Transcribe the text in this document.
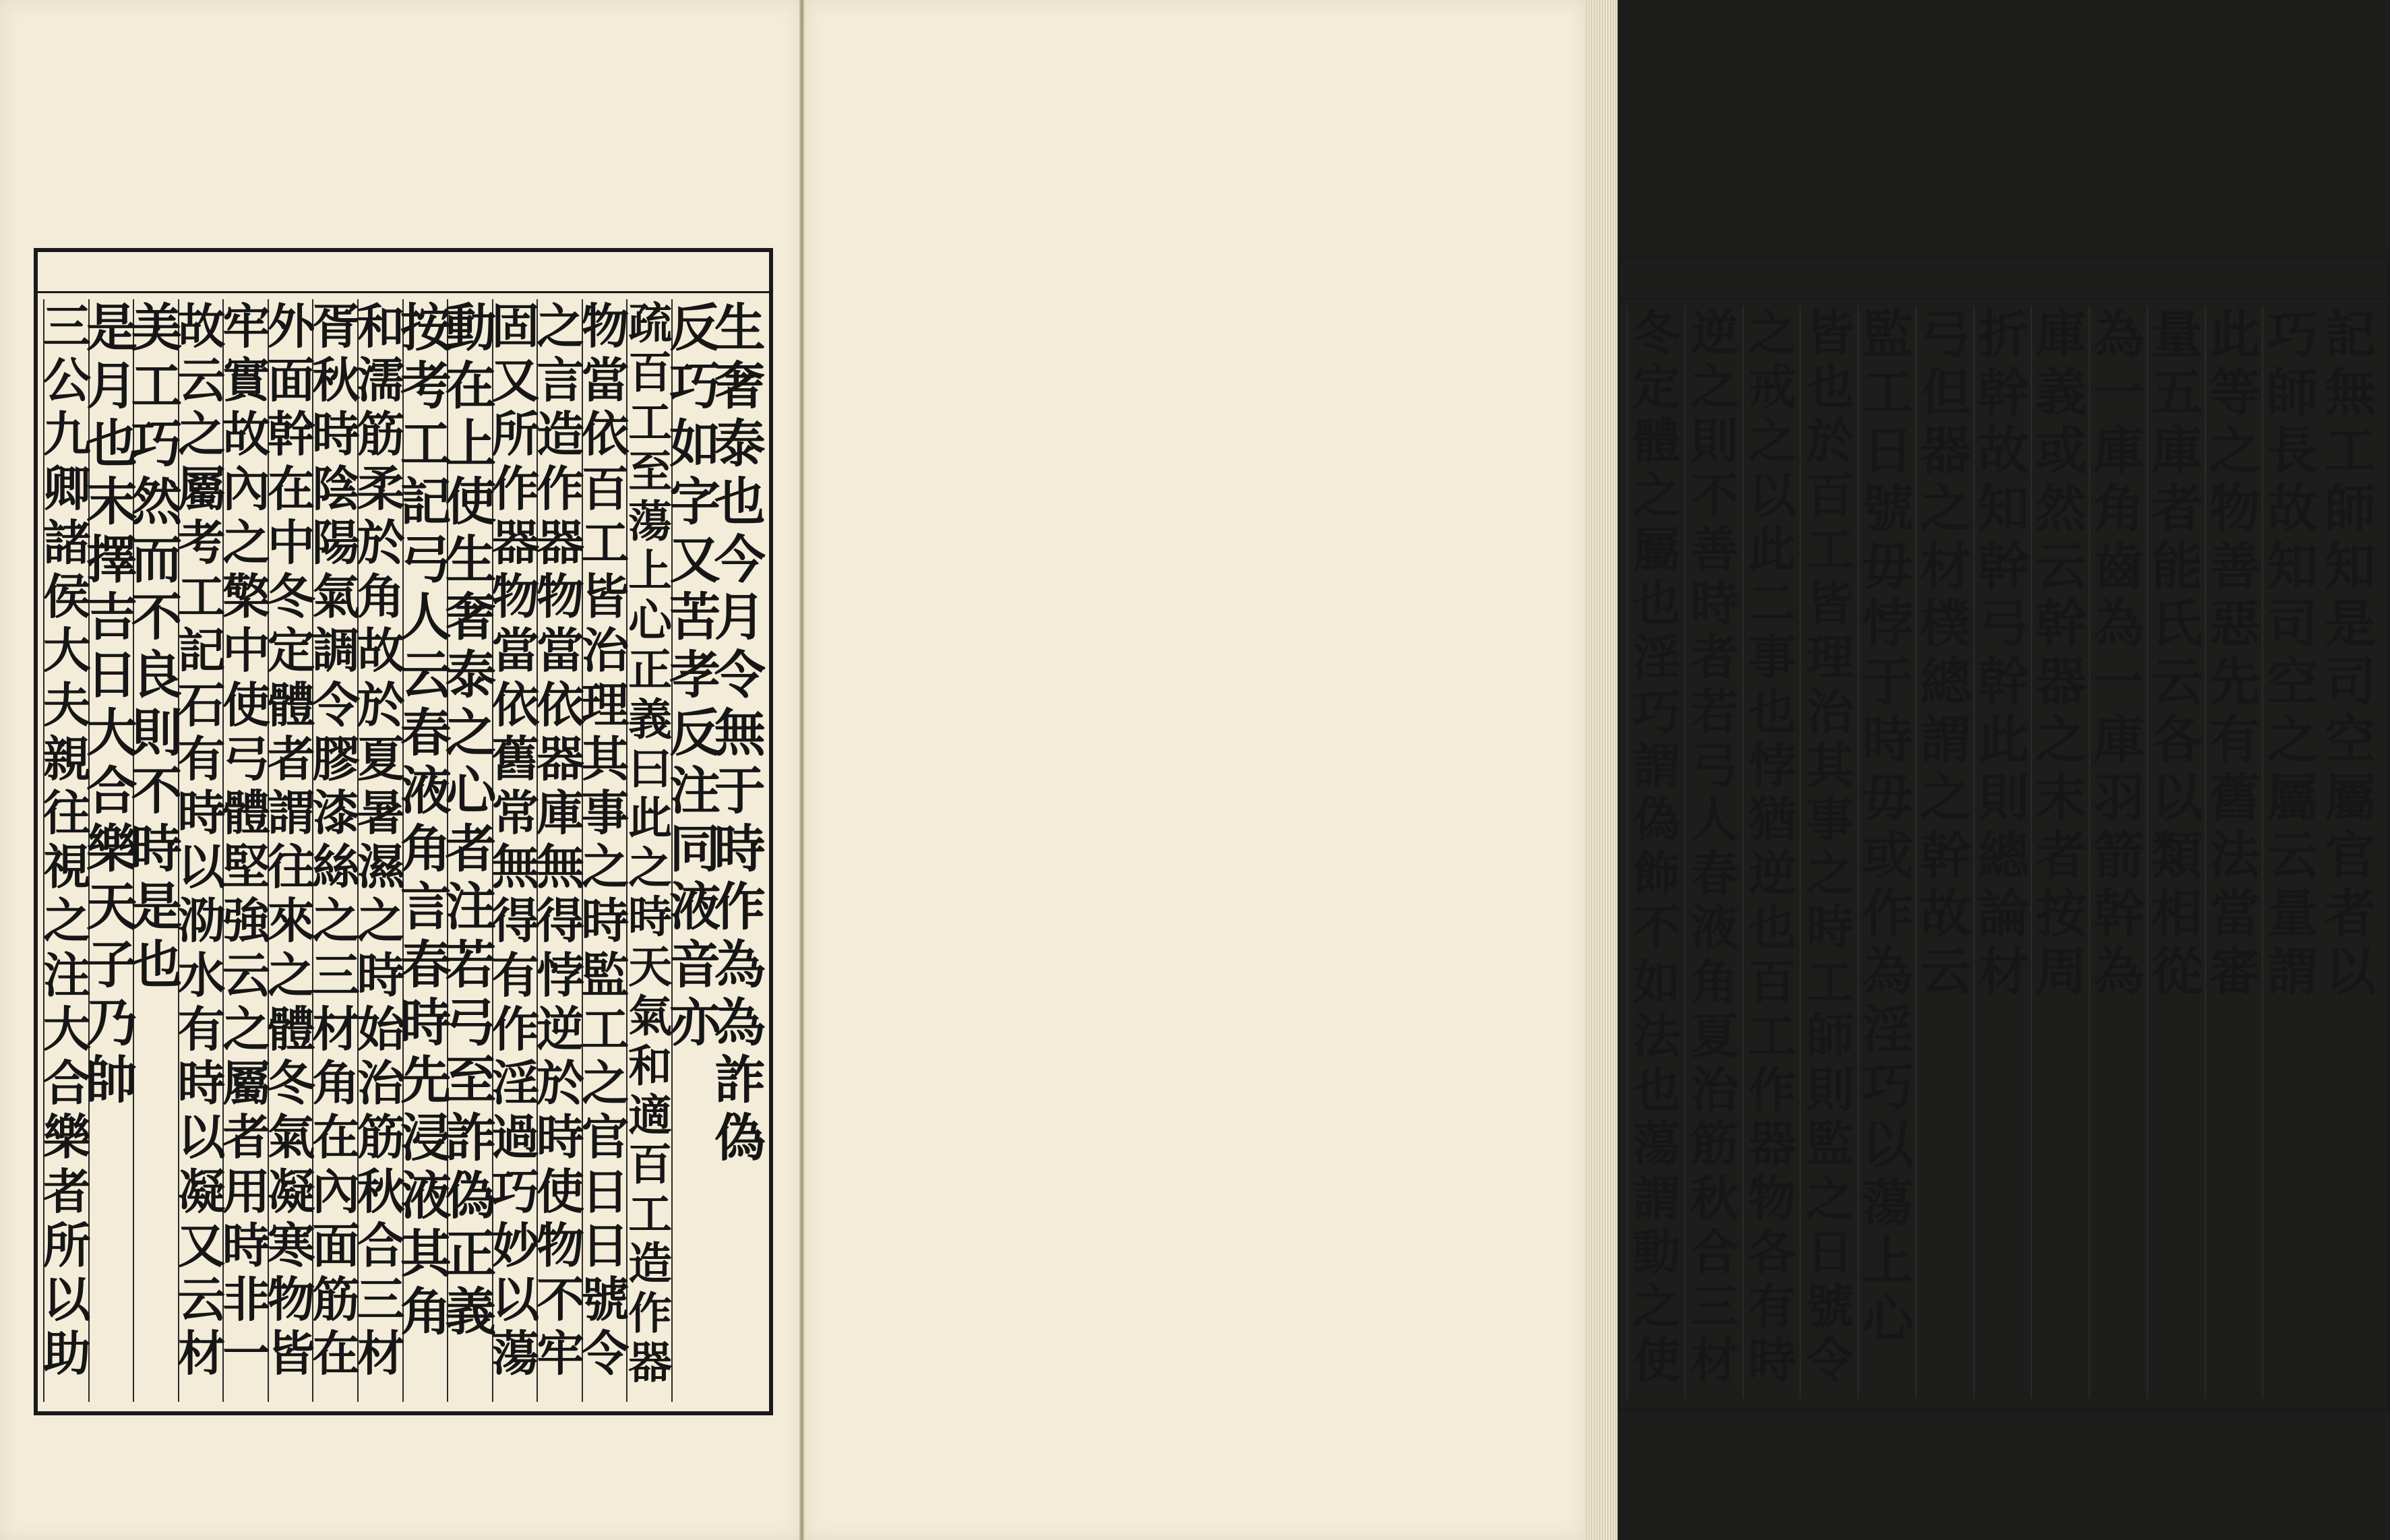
生
奢
泰
也
今
月
令
無
于
時
作
為
為
詐
偽
反
巧
如
字
又
苦
孝
反
注
同
液
音
亦
疏
百
工
至
蕩
上
心
正
義
曰
此
之
時
天
氣
和
適
百
工
造
作
器
物
當
依
百
工
皆
治
理
其
事
之
時
監
工
之
官
日
日
號
令
之
言
造
作
器
物
當
依
器
庫
無
得
悖
逆
於
時
使
物
不
牢
固
又
所
作
器
物
當
依
舊
常
無
得
有
作
淫
過
巧
妙
以
蕩
動
在
上
使
生
奢
泰
之
心
者
注
若
弓
至
詐
偽
正
義
按
考
工
記
弓
人
云
春
液
角
言
春
時
先
浸
液
其
角
和
濡
筋
柔
於
角
故
於
夏
暑
濕
之
時
始
治
筋
秋
合
三
材
胥
秋
時
陰
陽
氣
調
令
膠
漆
絲
之
三
材
角
在
內
面
筋
在
外
面
幹
在
中
冬
定
體
者
謂
往
來
之
體
冬
氣
凝
寒
物
皆
牢
實
故
內
之
檠
中
使
弓
體
堅
強
云
之
屬
者
用
時
非
一
故
云
之
屬
考
工
記
石
有
時
以
泐
水
有
時
以
凝
又
云
材
美
工
巧
然
而
不
良
則
不
時
是
也
是
月
也
末
擇
吉
日
大
合
樂
天
子
乃
帥
三
公
九
卿
諸
侯
大
夫
親
往
視
之
注
大
合
樂
者
所
以
助
記
無
工
師
知
是
司
空
屬
官
者
以
巧
師
長
故
知
司
空
之
屬
云
量
謂
此
等
之
物
善
惡
先
有
舊
法
當
審
量
五
庫
者
能
氏
云
各
以
類
相
從
為
一
庫
角
齒
為
一
庫
羽
箭
幹
為
庫
義
或
然
云
幹
器
之
末
者
按
周
折
幹
故
知
幹
弓
幹
此
則
總
論
材
弓
但
器
之
材
樸
總
謂
之
幹
故
云
監
工
日
號
毋
悖
于
時
毋
或
作
為
淫
巧
以
蕩
上
心
皆
也
於
百
工
皆
理
治
其
事
之
時
工
師
則
監
之
日
號
令
之
戒
之
以
此
二
事
也
悖
猶
逆
也
百
工
作
器
物
各
有
時
逆
之
則
不
善
時
者
若
弓
人
春
液
角
夏
治
筋
秋
合
三
材
冬
定
體
之
屬
也
淫
巧
謂
偽
飾
不
如
法
也
蕩
謂
動
之
使
